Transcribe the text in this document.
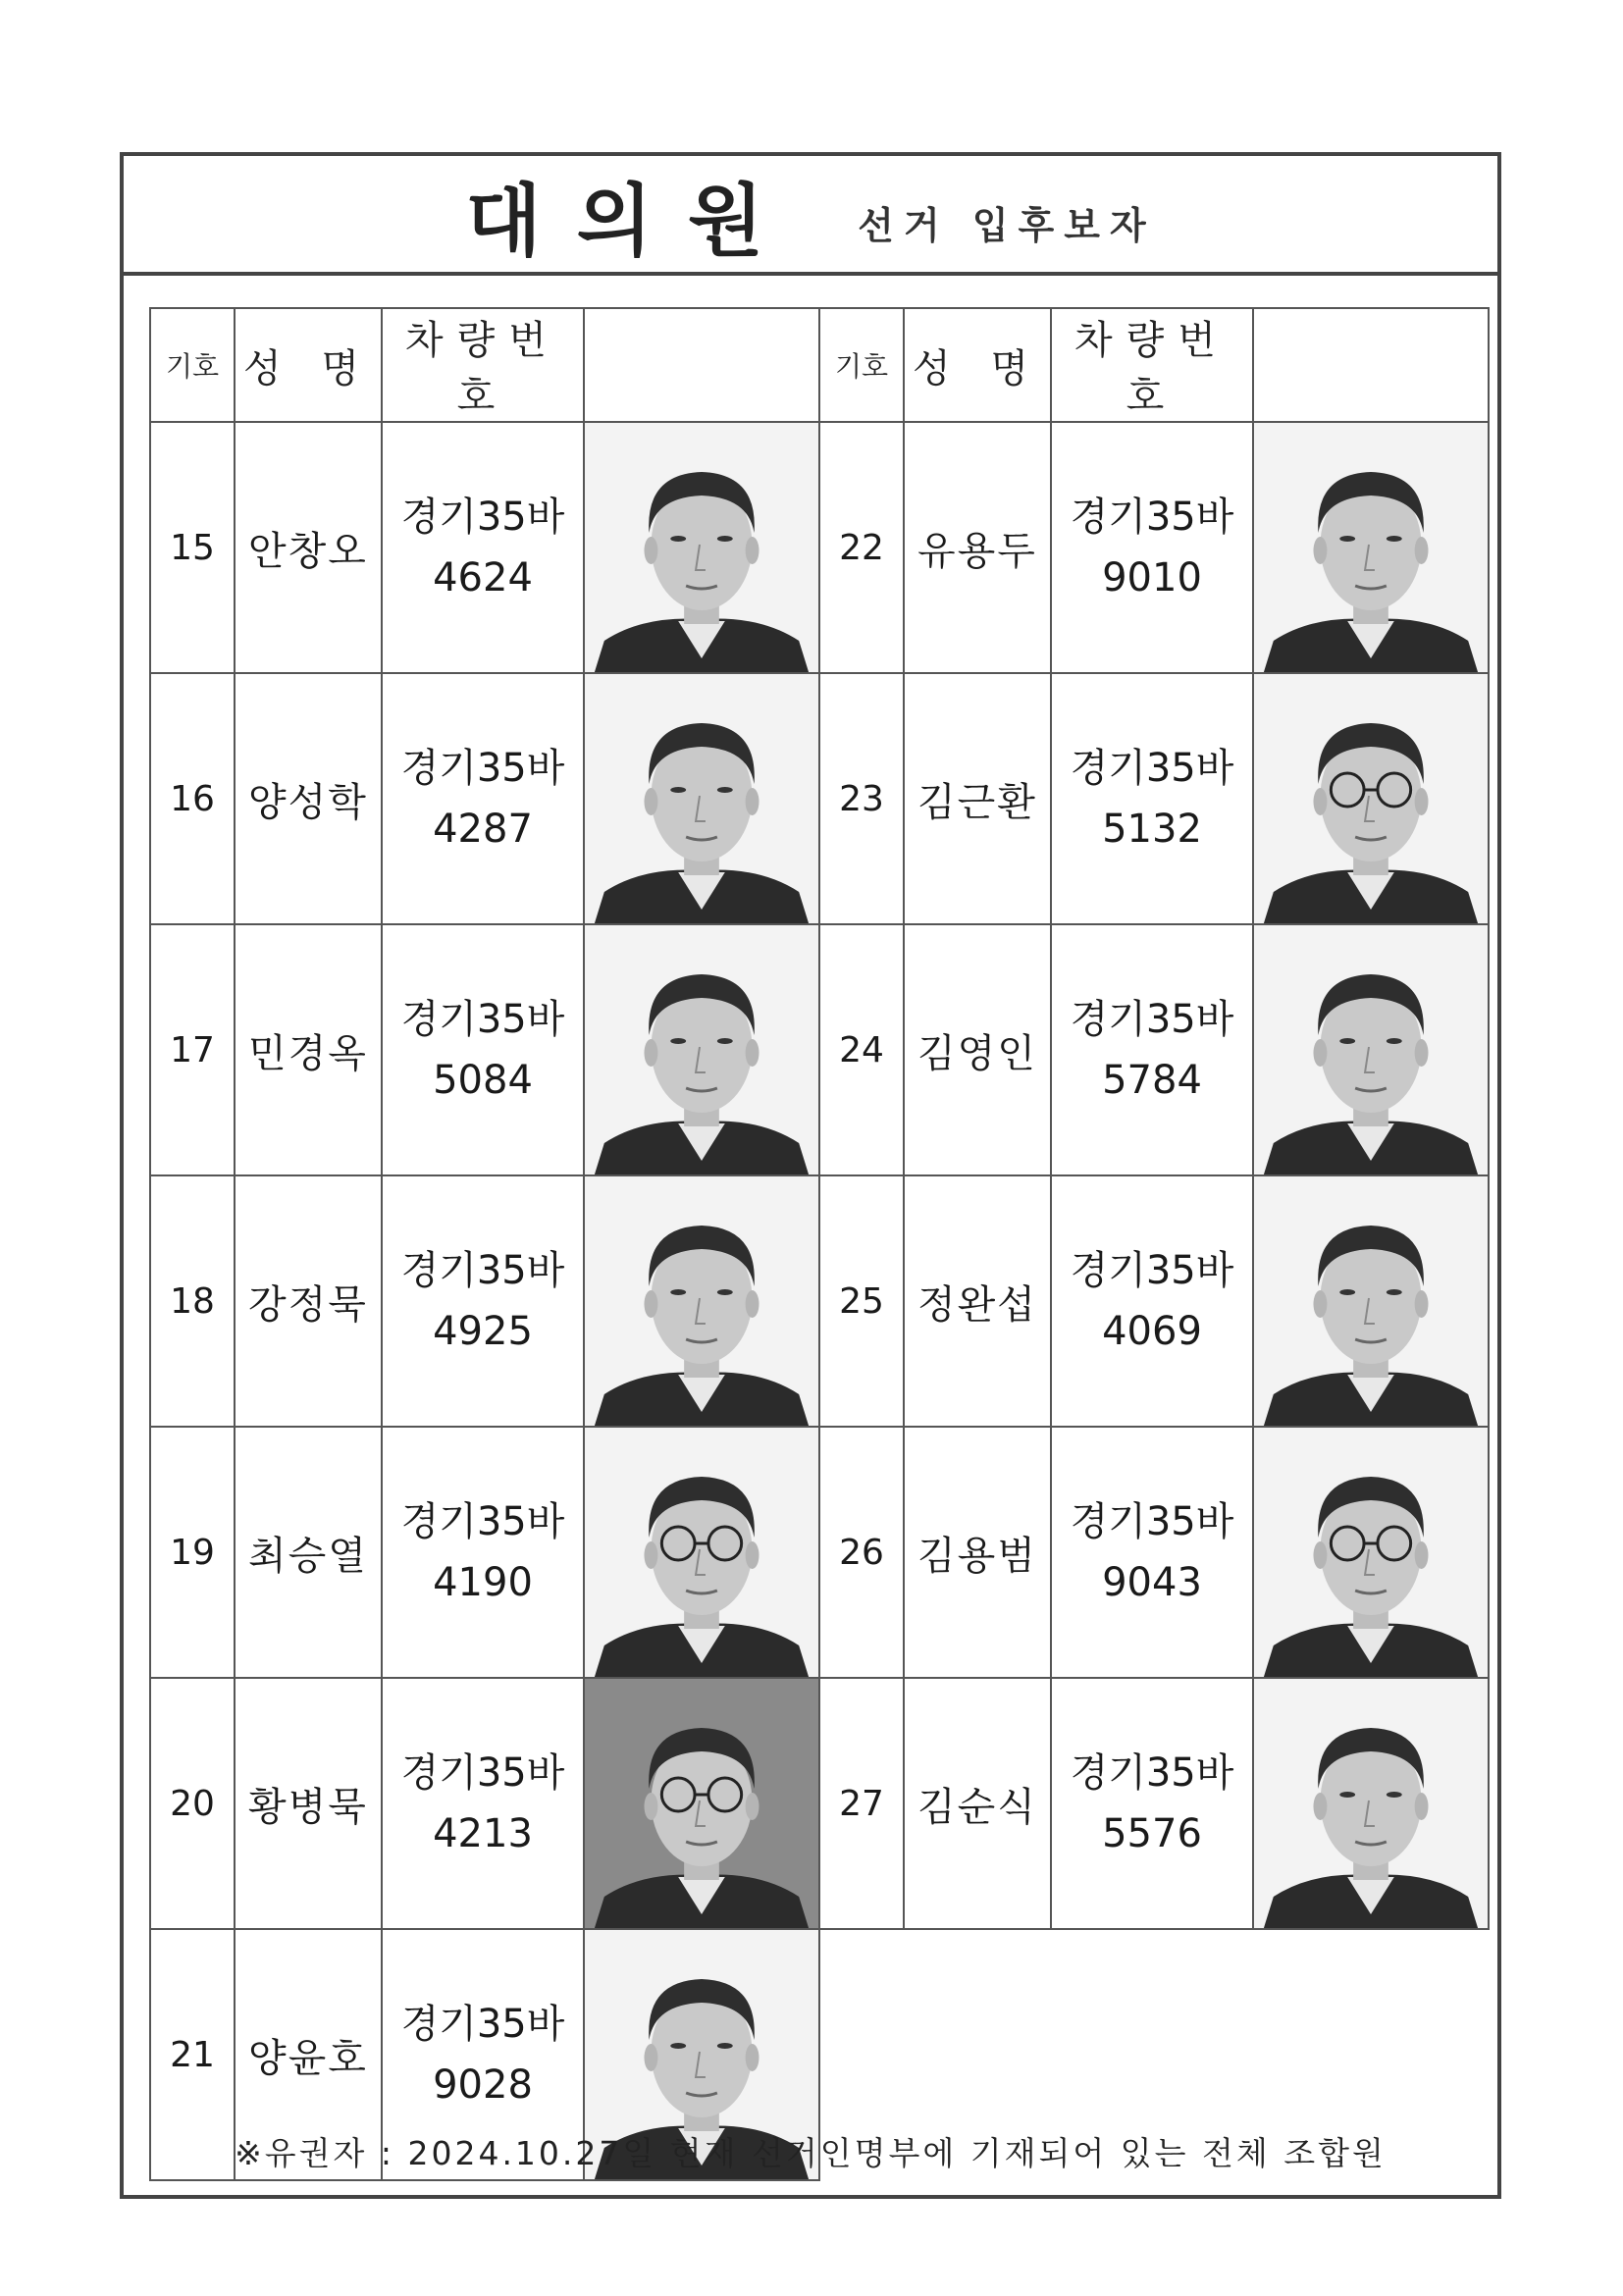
대의원 선거 입후보자
기호	성 명	차량번호	
15	안창오	경기35바
4624

16	양성학	경기35바
4287

17	민경옥	경기35바
5084

18	강정묵	경기35바
4925

19	최승열	경기35바
4190

20	황병묵	경기35바
4213

21	양윤호	경기35바
9028

기호	성 명	차량번호	
22	유용두	경기35바
9010

23	김근환	경기35바
5132

24	김영인	경기35바
5784

25	정완섭	경기35바
4069

26	김용범	경기35바
9043

27	김순식	경기35바
5576

※유권자 : 2024.10.27일 현재 선거인명부에 기재되어 있는 전체 조합원
